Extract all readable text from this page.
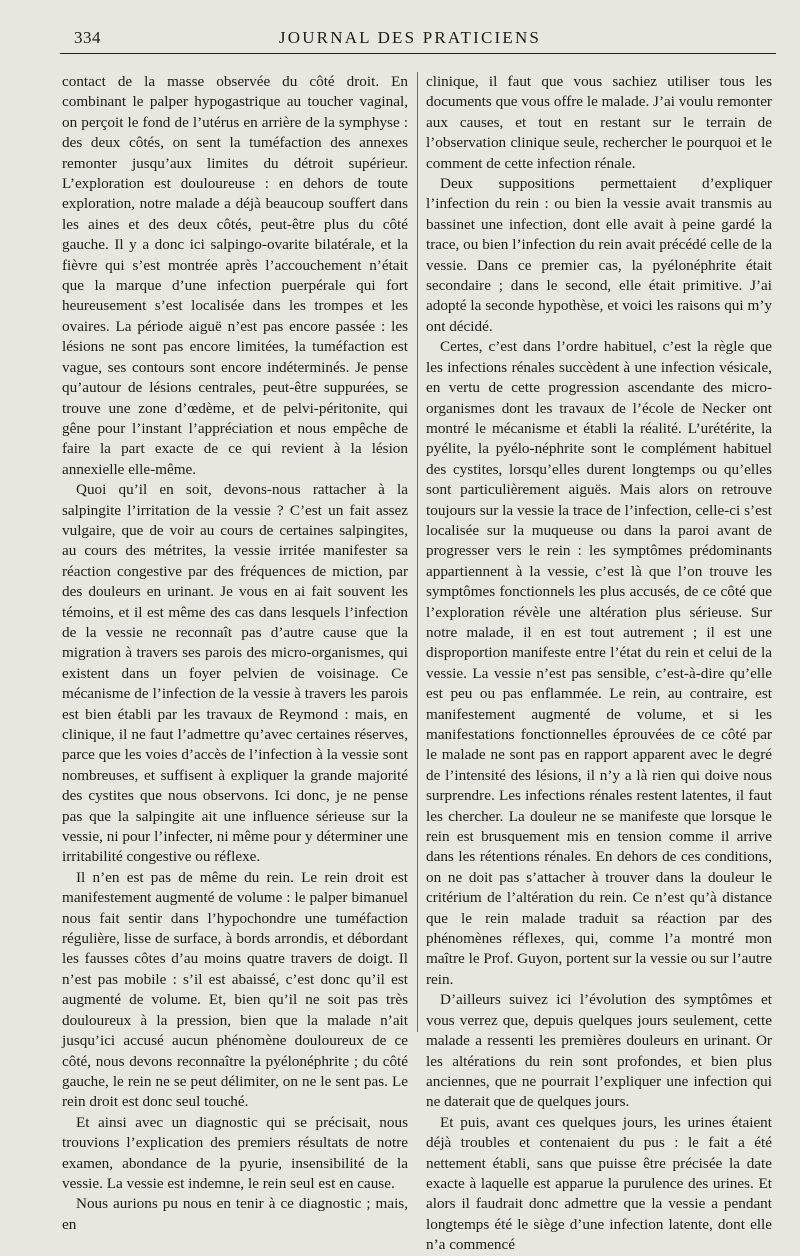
334	JOURNAL DES PRATICIENS

contact de la masse observée du côté droit. En combinant le palper hypogastrique au toucher vaginal, on perçoit le fond de l’utérus en arrière de la symphyse : des deux côtés, on sent la tuméfaction des annexes remonter jusqu’aux limites du détroit supérieur. L’exploration est douloureuse : en dehors de toute exploration, notre malade a déjà beaucoup souffert dans les aines et des deux côtés, peut-être plus du côté gauche. Il y a donc ici salpingo-ovarite bilatérale, et la fièvre qui s’est montrée après l’accouchement n’était que la marque d’une infection puerpérale qui fort heureusement s’est localisée dans les trompes et les ovaires. La période aiguë n’est pas encore passée : les lésions ne sont pas encore limitées, la tuméfaction est vague, ses contours sont encore indéterminés. Je pense qu’autour de lésions centrales, peut-être suppurées, se trouve une zone d’œdème, et de pelvi-péritonite, qui gêne pour l’instant l’appréciation et nous empêche de faire la part exacte de ce qui revient à la lésion annexielle elle-même.

Quoi qu’il en soit, devons-nous rattacher à la salpingite l’irritation de la vessie ? C’est un fait assez vulgaire, que de voir au cours de certaines salpingites, au cours des métrites, la vessie irritée manifester sa réaction congestive par des fréquences de miction, par des douleurs en urinant. Je vous en ai fait souvent les témoins, et il est même des cas dans lesquels l’infection de la vessie ne reconnaît pas d’autre cause que la migration à travers ses parois des micro-organismes, qui existent dans un foyer pelvien de voisinage. Ce mécanisme de l’infection de la vessie à travers les parois est bien établi par les travaux de Reymond : mais, en clinique, il ne faut l’admettre qu’avec certaines réserves, parce que les voies d’accès de l’infection à la vessie sont nombreuses, et suffisent à expliquer la grande majorité des cystites que nous observons. Ici donc, je ne pense pas que la salpingite ait une influence sérieuse sur la vessie, ni pour l’infecter, ni même pour y déterminer une irritabilité congestive ou réflexe.

Il n’en est pas de même du rein. Le rein droit est manifestement augmenté de volume : le palper bimanuel nous fait sentir dans l’hypochondre une tuméfaction régulière, lisse de surface, à bords arrondis, et débordant les fausses côtes d’au moins quatre travers de doigt. Il n’est pas mobile : s’il est abaissé, c’est donc qu’il est augmenté de volume. Et, bien qu’il ne soit pas très douloureux à la pression, bien que la malade n’ait jusqu’ici accusé aucun phénomène douloureux de ce côté, nous devons reconnaître la pyélonéphrite ; du côté gauche, le rein ne se peut délimiter, on ne le sent pas. Le rein droit est donc seul touché.

Et ainsi avec un diagnostic qui se précisait, nous trouvions l’explication des premiers résultats de notre examen, abondance de la pyurie, insensibilité de la vessie. La vessie est indemne, le rein seul est en cause.

Nous aurions pu nous en tenir à ce diagnostic ; mais, en

clinique, il faut que vous sachiez utiliser tous les documents que vous offre le malade. J’ai voulu remonter aux causes, et tout en restant sur le terrain de l’observation clinique seule, rechercher le pourquoi et le comment de cette infection rénale.

Deux suppositions permettaient d’expliquer l’infection du rein : ou bien la vessie avait transmis au bassinet une infection, dont elle avait à peine gardé la trace, ou bien l’infection du rein avait précédé celle de la vessie. Dans ce premier cas, la pyélonéphrite était secondaire ; dans le second, elle était primitive. J’ai adopté la seconde hypothèse, et voici les raisons qui m’y ont décidé.

Certes, c’est dans l’ordre habituel, c’est la règle que les infections rénales succèdent à une infection vésicale, en vertu de cette progression ascendante des micro-organismes dont les travaux de l’école de Necker ont montré le mécanisme et établi la réalité. L’urétérite, la pyélite, la pyélo-néphrite sont le complément habituel des cystites, lorsqu’elles durent longtemps ou qu’elles sont particulièrement aiguës. Mais alors on retrouve toujours sur la vessie la trace de l’infection, celle-ci s’est localisée sur la muqueuse ou dans la paroi avant de progresser vers le rein : les symptômes prédominants appartiennent à la vessie, c’est là que l’on trouve les symptômes fonctionnels les plus accusés, de ce côté que l’exploration révèle une altération plus sérieuse. Sur notre malade, il en est tout autrement ; il est une disproportion manifeste entre l’état du rein et celui de la vessie. La vessie n’est pas sensible, c’est-à-dire qu’elle est peu ou pas enflammée. Le rein, au contraire, est manifestement augmenté de volume, et si les manifestations fonctionnelles éprouvées de ce côté par le malade ne sont pas en rapport apparent avec le degré de l’intensité des lésions, il n’y a là rien qui doive nous surprendre. Les infections rénales restent latentes, il faut les chercher. La douleur ne se manifeste que lorsque le rein est brusquement mis en tension comme il arrive dans les rétentions rénales. En dehors de ces conditions, on ne doit pas s’attacher à trouver dans la douleur le critérium de l’altération du rein. Ce n’est qu’à distance que le rein malade traduit sa réaction par des phénomènes réflexes, qui, comme l’a montré mon maître le Prof. Guyon, portent sur la vessie ou sur l’autre rein.

D’ailleurs suivez ici l’évolution des symptômes et vous verrez que, depuis quelques jours seulement, cette malade a ressenti les premières douleurs en urinant. Or les altérations du rein sont profondes, et bien plus anciennes, que ne pourrait l’expliquer une infection qui ne daterait que de quelques jours.

Et puis, avant ces quelques jours, les urines étaient déjà troubles et contenaient du pus : le fait a été nettement établi, sans que puisse être précisée la date exacte à laquelle est apparue la purulence des urines. Et alors il faudrait donc admettre que la vessie a pendant longtemps été le siège d’une infection latente, dont elle n’a commencé
